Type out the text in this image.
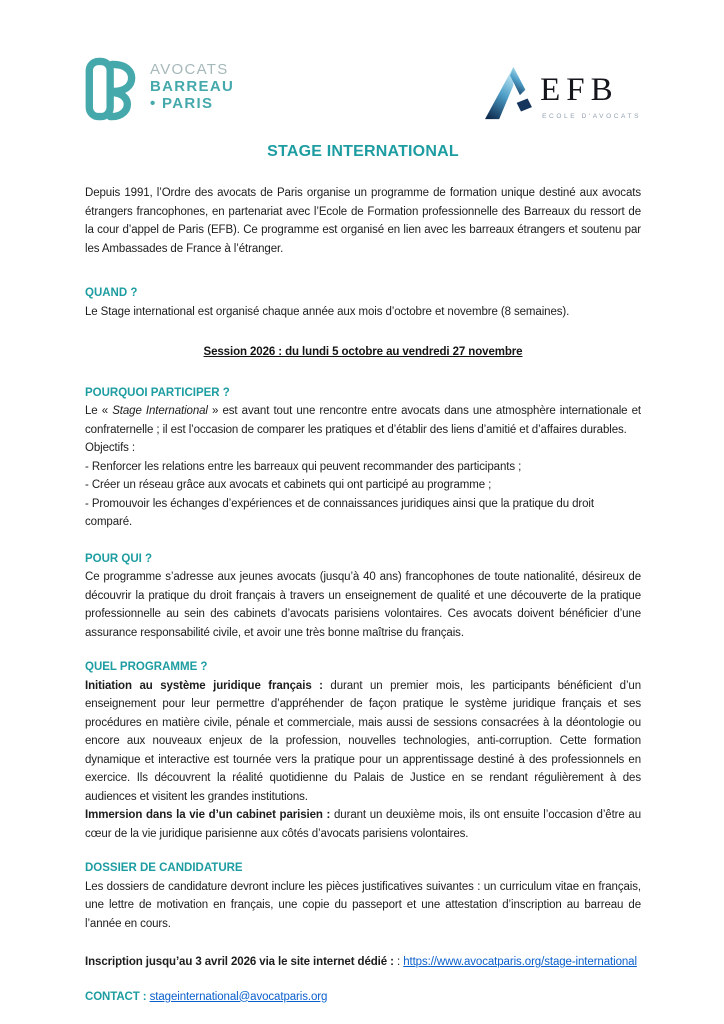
AVOCATS
BARREAU
• PARIS	EFB
ECOLE D'AVOCATS
STAGE INTERNATIONAL

Depuis 1991, l’Ordre des avocats de Paris organise un programme de formation unique destiné aux avocats étrangers francophones, en partenariat avec l’Ecole de Formation professionnelle des Barreaux du ressort de la cour d’appel de Paris (EFB). Ce programme est organisé en lien avec les barreaux étrangers et soutenu par les Ambassades de France à l’étranger.

QUAND ?

Le Stage international est organisé chaque année aux mois d’octobre et novembre (8 semaines).

Session 2026 : du lundi 5 octobre au vendredi 27 novembre

POURQUOI PARTICIPER ?

Le « Stage International » est avant tout une rencontre entre avocats dans une atmosphère internationale et confraternelle ; il est l’occasion de comparer les pratiques et d’établir des liens d’amitié et d’affaires durables.

Objectifs :

- Renforcer les relations entre les barreaux qui peuvent recommander des participants ;
- Créer un réseau grâce aux avocats et cabinets qui ont participé au programme ;
- Promouvoir les échanges d’expériences et de connaissances juridiques ainsi que la pratique du droit comparé.
POUR QUI ?

Ce programme s’adresse aux jeunes avocats (jusqu’à 40 ans) francophones de toute nationalité, désireux de découvrir la pratique du droit français à travers un enseignement de qualité et une découverte de la pratique professionnelle au sein des cabinets d’avocats parisiens volontaires. Ces avocats doivent bénéficier d’une assurance responsabilité civile, et avoir une très bonne maîtrise du français.

QUEL PROGRAMME ?

Initiation au système juridique français : durant un premier mois, les participants bénéficient d’un enseignement pour leur permettre d’appréhender de façon pratique le système juridique français et ses procédures en matière civile, pénale et commerciale, mais aussi de sessions consacrées à la déontologie ou encore aux nouveaux enjeux de la profession, nouvelles technologies, anti-corruption. Cette formation dynamique et interactive est tournée vers la pratique pour un apprentissage destiné à des professionnels en exercice. Ils découvrent la réalité quotidienne du Palais de Justice en se rendant régulièrement à des audiences et visitent les grandes institutions.

Immersion dans la vie d’un cabinet parisien : durant un deuxième mois, ils ont ensuite l’occasion d’être au cœur de la vie juridique parisienne aux côtés d’avocats parisiens volontaires.

DOSSIER DE CANDIDATURE

Les dossiers de candidature devront inclure les pièces justificatives suivantes : un curriculum vitae en français, une lettre de motivation en français, une copie du passeport et une attestation d’inscription au barreau de l’année en cours.

Inscription jusqu’au 3 avril 2026 via le site internet dédié : : https://www.avocatparis.org/stage-international

CONTACT : stageinternational@avocatparis.org
